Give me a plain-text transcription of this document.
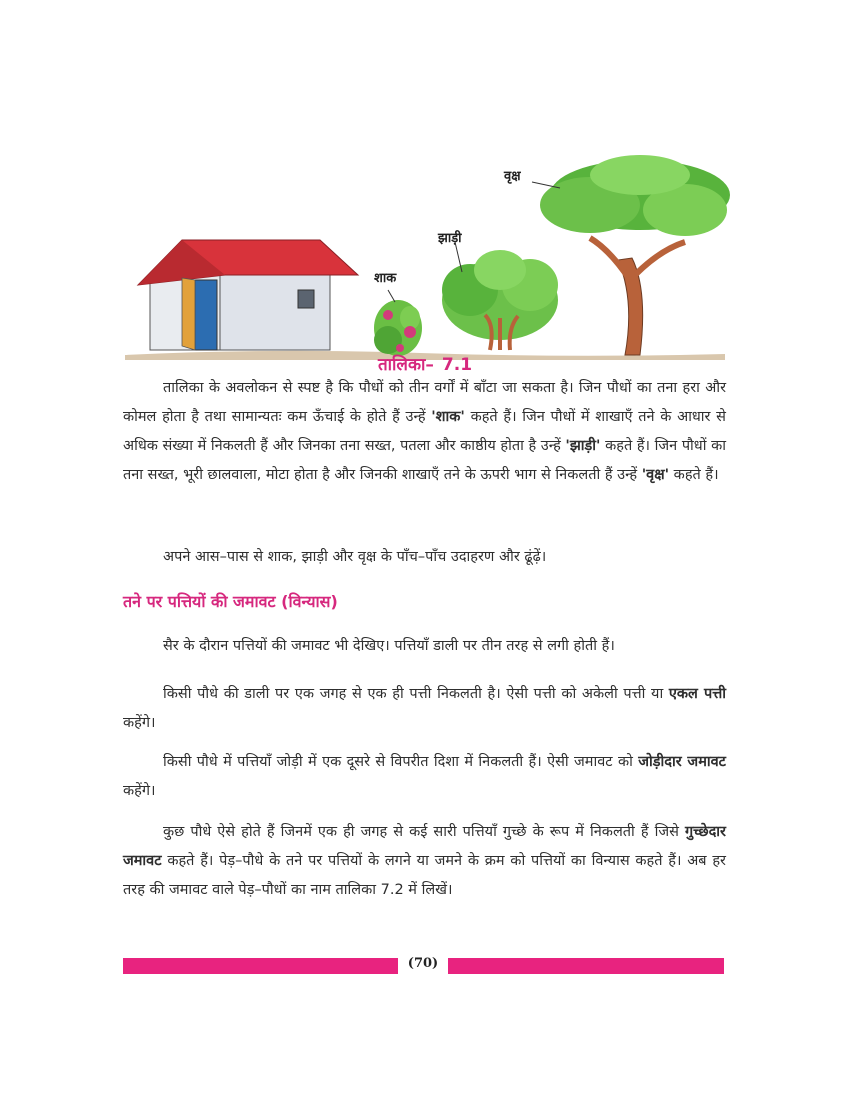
वृक्ष
झाड़ी
शाक
तालिका– 7.1

तालिका के अवलोकन से स्पष्ट है कि पौधों को तीन वर्गों में बाँटा जा सकता है। जिन पौधों का तना हरा और कोमल होता है तथा सामान्यतः कम ऊँचाई के होते हैं उन्हें 'शाक' कहते हैं। जिन पौधों में शाखाएँ तने के आधार से अधिक संख्या में निकलती हैं और जिनका तना सख्त, पतला और काष्ठीय होता है उन्हें 'झाड़ी' कहते हैं। जिन पौधों का तना सख्त, भूरी छालवाला, मोटा होता है और जिनकी शाखाएँ तने के ऊपरी भाग से निकलती हैं उन्हें 'वृक्ष' कहते हैं।

अपने आस–पास से शाक, झाड़ी और वृक्ष के पाँच–पाँच उदाहरण और ढूंढ़ें।

तने पर पत्तियों की जमावट (विन्यास)

सैर के दौरान पत्तियों की जमावट भी देखिए। पत्तियाँ डाली पर तीन तरह से लगी होती हैं।

किसी पौधे की डाली पर एक जगह से एक ही पत्ती निकलती है। ऐसी पत्ती को अकेली पत्ती या एकल पत्ती कहेंगे।

किसी पौधे में पत्तियाँ जोड़ी में एक दूसरे से विपरीत दिशा में निकलती हैं। ऐसी जमावट को जोड़ीदार जमावट कहेंगे।

कुछ पौधे ऐसे होते हैं जिनमें एक ही जगह से कई सारी पत्तियाँ गुच्छे के रूप में निकलती हैं जिसे गुच्छेदार जमावट कहते हैं। पेड़–पौधे के तने पर पत्तियों के लगने या जमने के क्रम को पत्तियों का विन्यास कहते हैं। अब हर तरह की जमावट वाले पेड़–पौधों का नाम तालिका 7.2 में लिखें।

(70)
